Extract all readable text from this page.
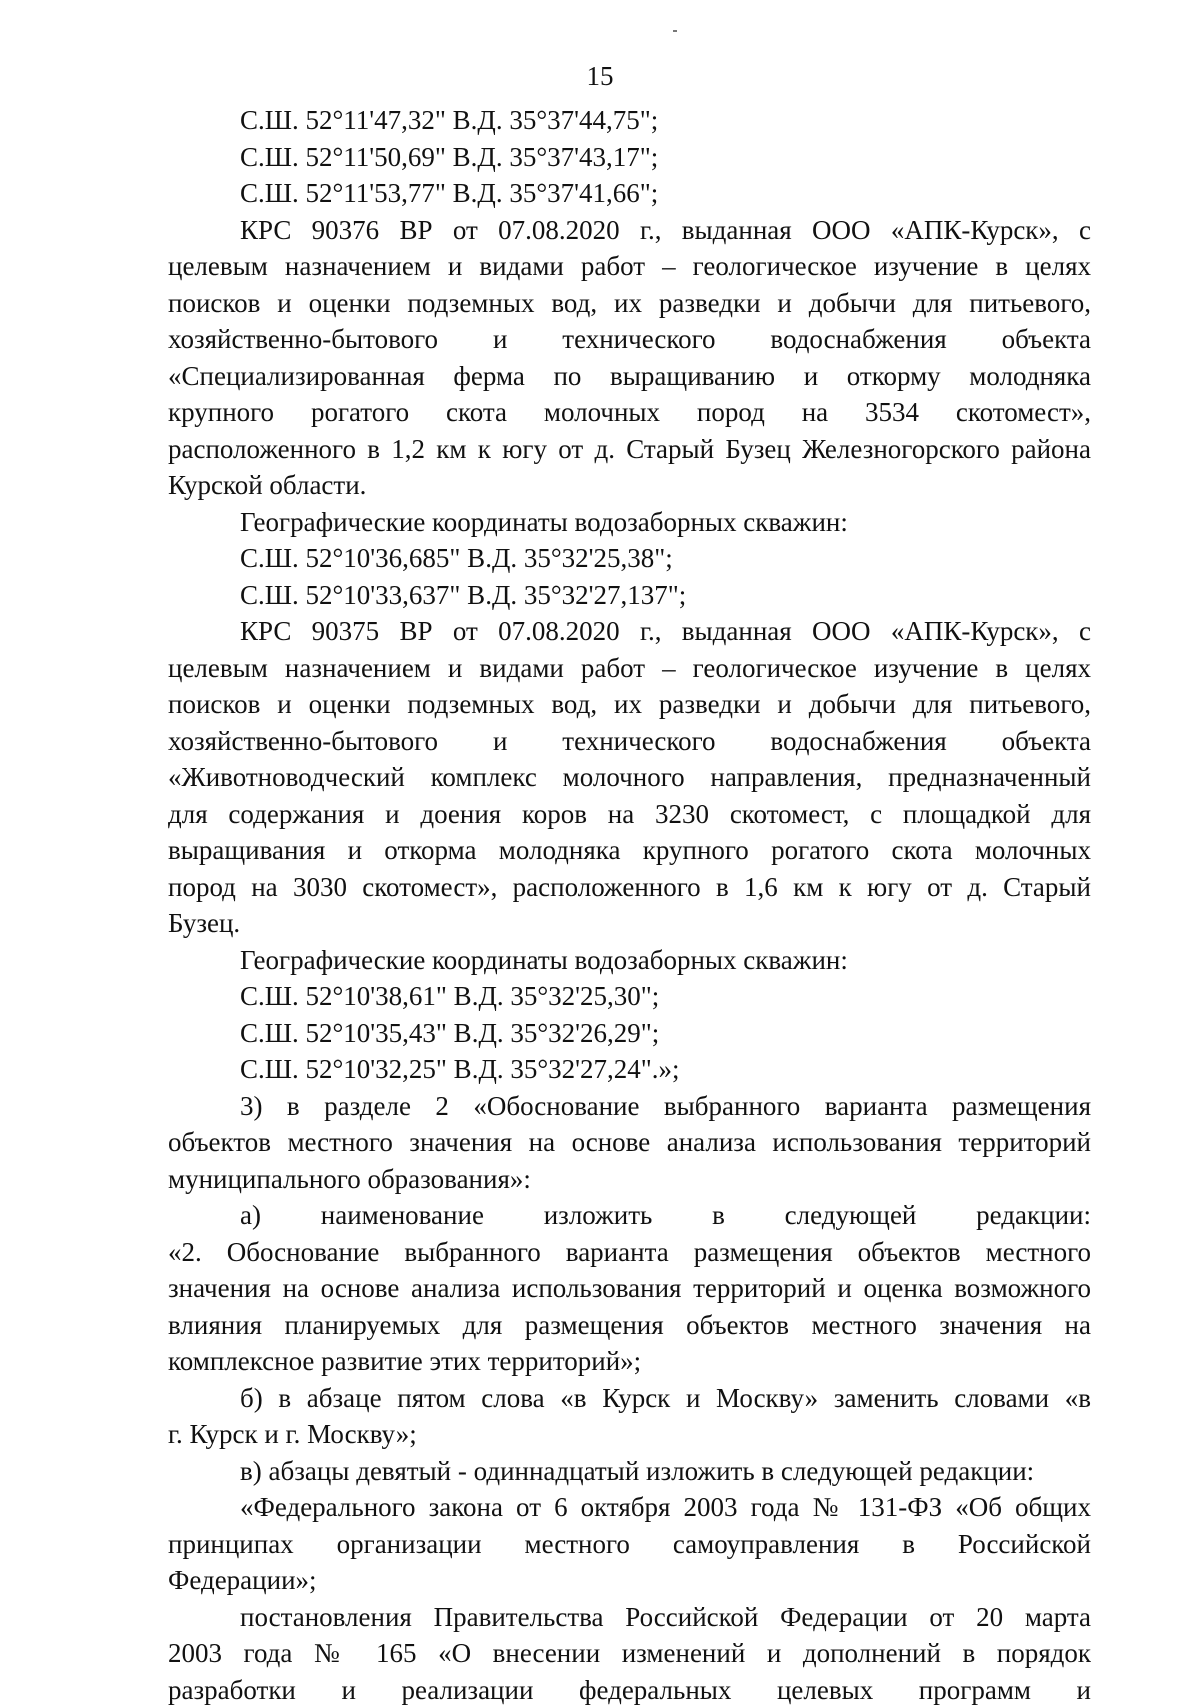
15
С.Ш. 52°11'47,32" В.Д. 35°37'44,75";
С.Ш. 52°11'50,69" В.Д. 35°37'43,17";
С.Ш. 52°11'53,77" В.Д. 35°37'41,66";
КРС 90376 ВР от 07.08.2020 г., выданная ООО «АПК-Курск», с
целевым назначением и видами работ – геологическое изучение в целях
поисков и оценки подземных вод, их разведки и добычи для питьевого,
хозяйственно-бытового и технического водоснабжения объекта
«Специализированная ферма по выращиванию и откорму молодняка
крупного рогатого скота молочных пород на 3534 скотомест»,
расположенного в 1,2 км к югу от д. Старый Бузец Железногорского района
Курской области.
Географические координаты водозаборных скважин:
С.Ш. 52°10'36,685" В.Д. 35°32'25,38";
С.Ш. 52°10'33,637" В.Д. 35°32'27,137";
КРС 90375 ВР от 07.08.2020 г., выданная ООО «АПК-Курск», с
целевым назначением и видами работ – геологическое изучение в целях
поисков и оценки подземных вод, их разведки и добычи для питьевого,
хозяйственно-бытового и технического водоснабжения объекта
«Животноводческий комплекс молочного направления, предназначенный
для содержания и доения коров на 3230 скотомест, с площадкой для
выращивания и откорма молодняка крупного рогатого скота молочных
пород на 3030 скотомест», расположенного в 1,6 км к югу от д. Старый
Бузец.
Географические координаты водозаборных скважин:
С.Ш. 52°10'38,61" В.Д. 35°32'25,30";
С.Ш. 52°10'35,43" В.Д. 35°32'26,29";
С.Ш. 52°10'32,25" В.Д. 35°32'27,24".»;
3) в разделе 2 «Обоснование выбранного варианта размещения
объектов местного значения на основе анализа использования территорий
муниципального образования»:
а) наименование изложить в следующей редакции:
«2. Обоснование выбранного варианта размещения объектов местного
значения на основе анализа использования территорий и оценка возможного
влияния планируемых для размещения объектов местного значения на
комплексное развитие этих территорий»;
б) в абзаце пятом слова «в Курск и Москву» заменить словами «в
г. Курск и г. Москву»;
в) абзацы девятый - одиннадцатый изложить в следующей редакции:
«Федерального закона от 6 октября 2003 года № 131-ФЗ «Об общих
принципах организации местного самоуправления в Российской
Федерации»;
постановления Правительства Российской Федерации от 20 марта
2003 года № 165 «О внесении изменений и дополнений в порядок
разработки и реализации федеральных целевых программ и
